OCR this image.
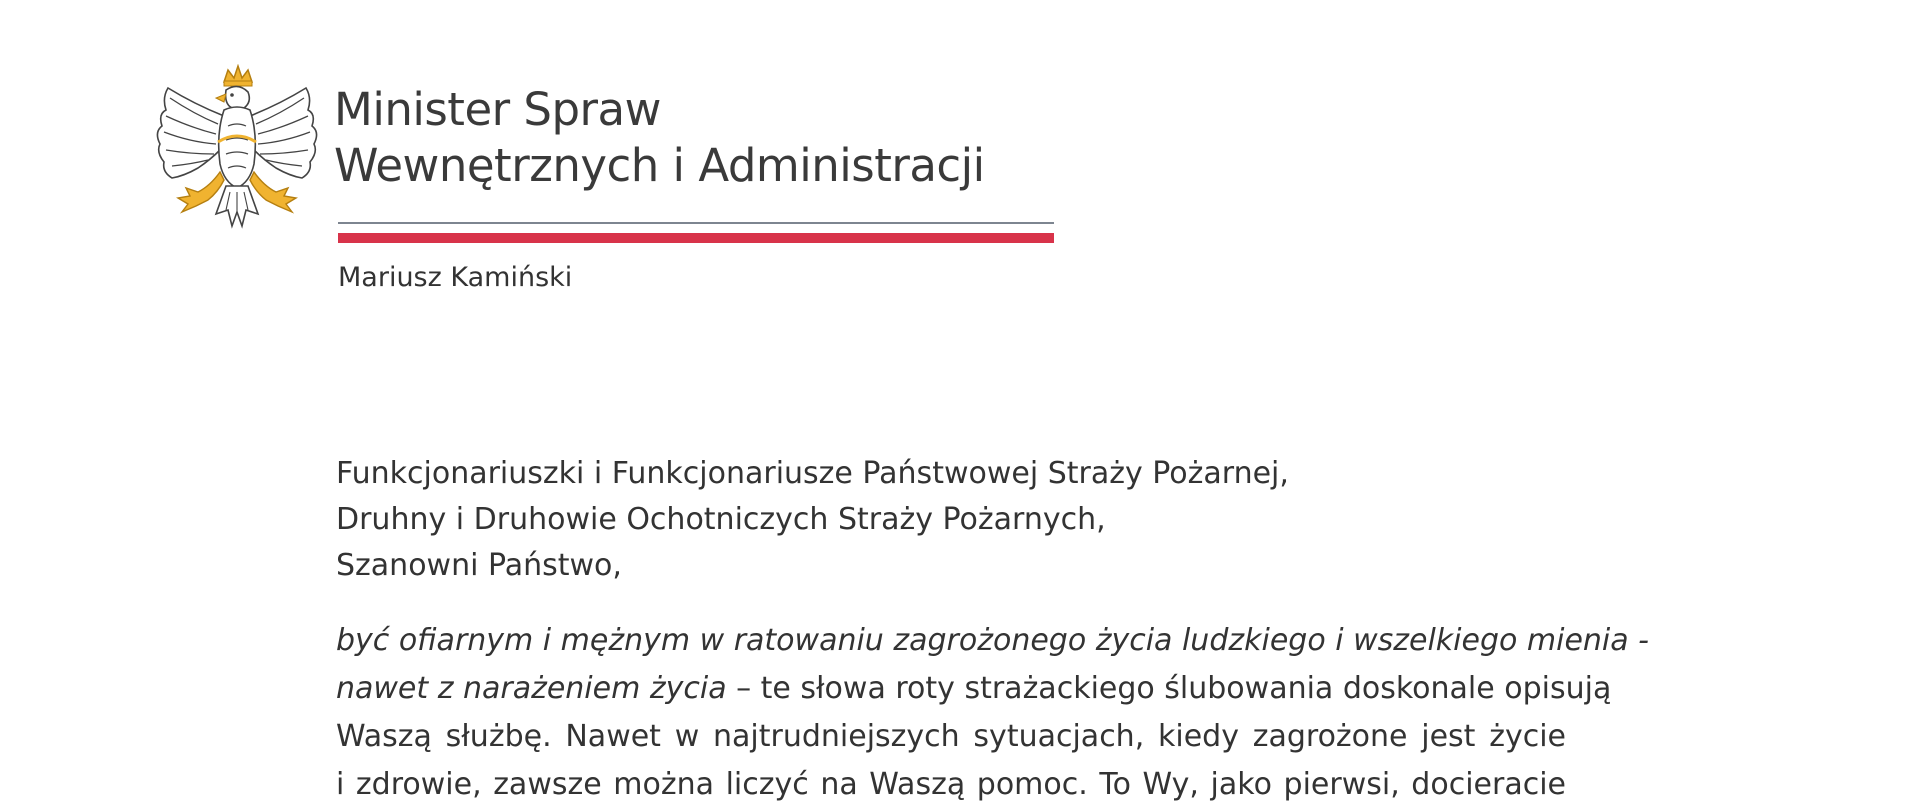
Minister Spraw
Wewnętrznych i Administracji
Mariusz Kamiński
Funkcjonariuszki i Funkcjonariusze Państwowej Straży Pożarnej,
Druhny i Druhowie Ochotniczych Straży Pożarnych,
Szanowni Państwo,
być ofiarnym i mężnym w ratowaniu zagrożonego życia ludzkiego i wszelkiego mienia -
nawet z narażeniem życia – te słowa roty strażackiego ślubowania doskonale opisują
Waszą służbę. Nawet w najtrudniejszych sytuacjach, kiedy zagrożone jest życie
i zdrowie, zawsze można liczyć na Waszą pomoc. To Wy, jako pierwsi, docieracie
